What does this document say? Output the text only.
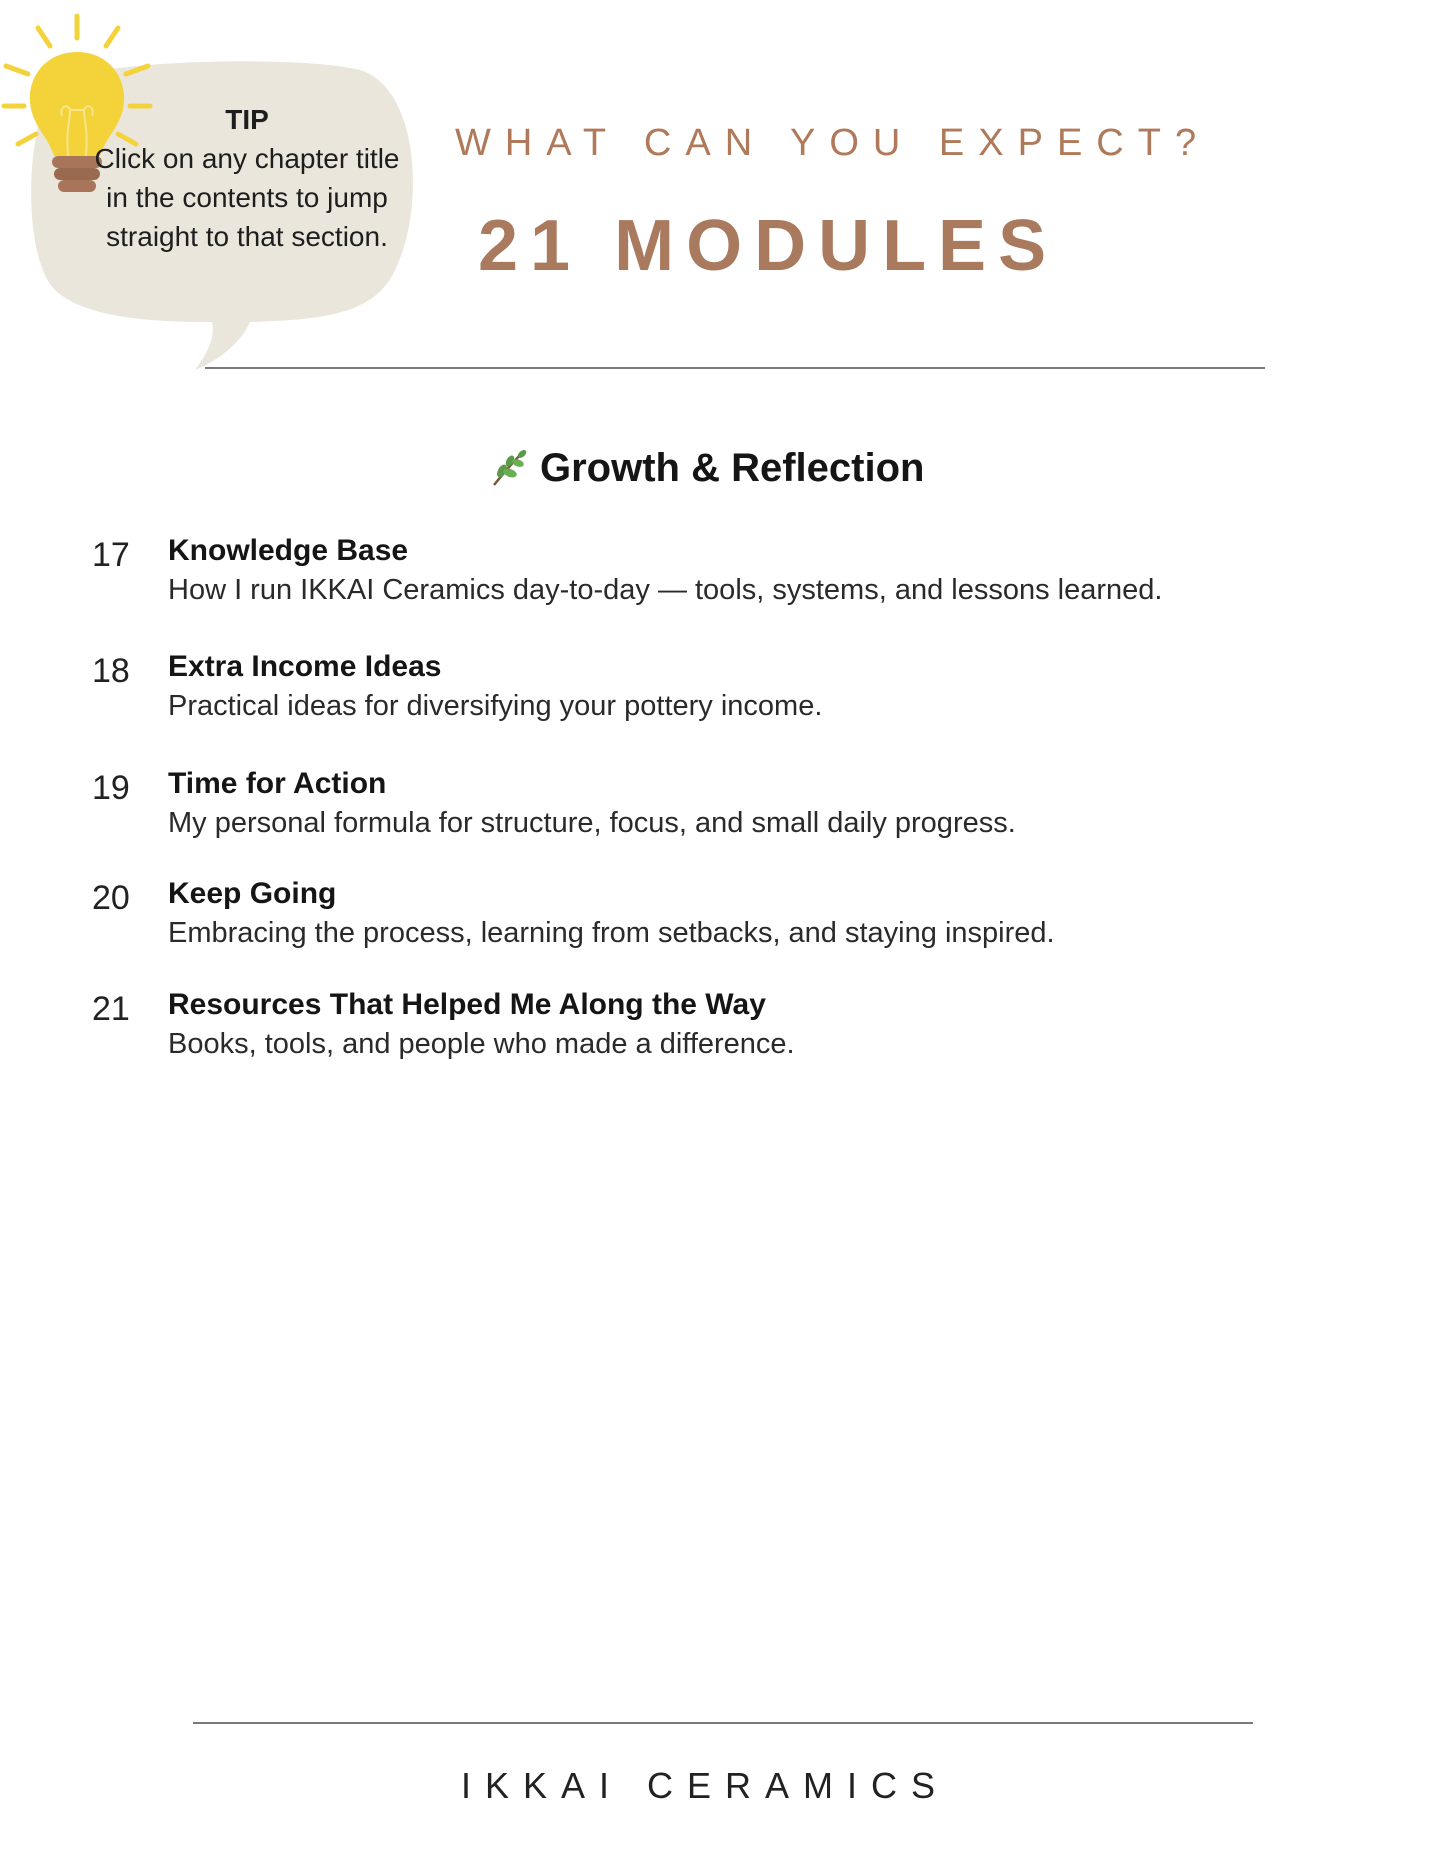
TIP
Click on any chapter title in the contents to jump straight to that section.
WHAT CAN YOU EXPECT?
21 MODULES
Growth & Reflection
17	Knowledge Base
How I run IKKAI Ceramics day-to-day — tools, systems, and lessons learned.
18	Extra Income Ideas
Practical ideas for diversifying your pottery income.
19	Time for Action
My personal formula for structure, focus, and small daily progress.
20	Keep Going
Embracing the process, learning from setbacks, and staying inspired.
21	Resources That Helped Me Along the Way
Books, tools, and people who made a difference.
IKKAI CERAMICS
